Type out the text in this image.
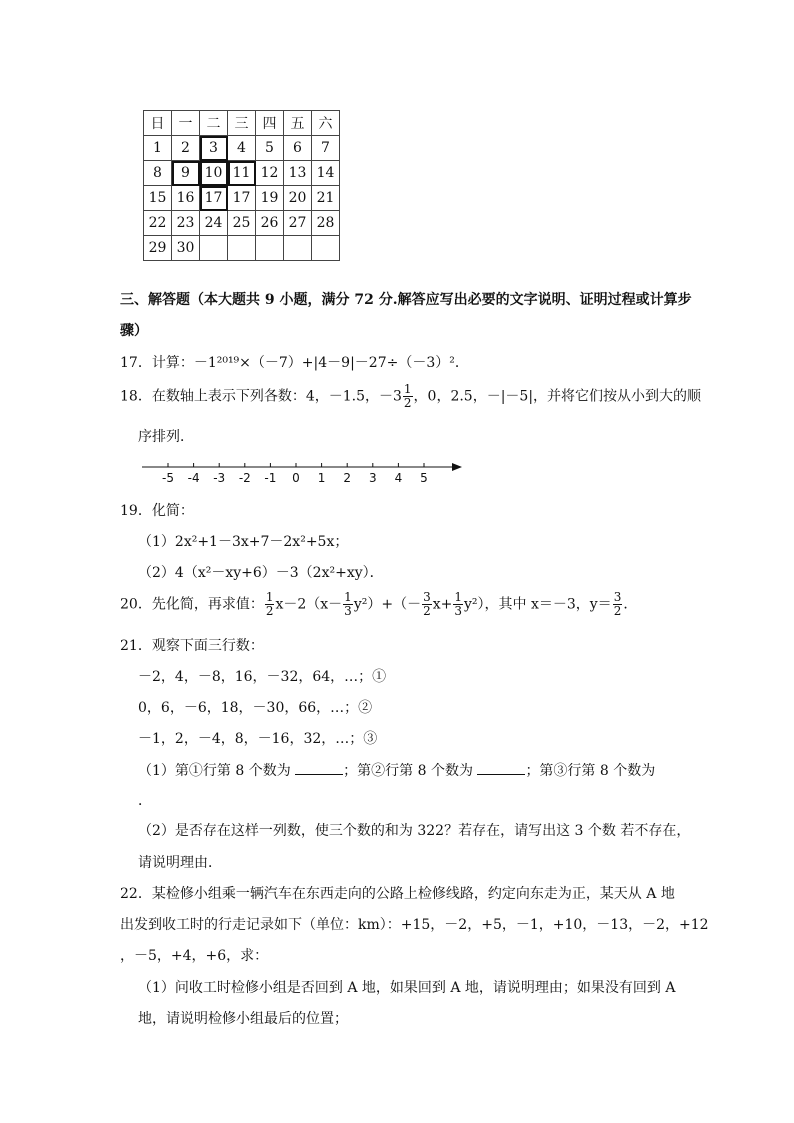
日	一	二	三	四	五	六
1	2	3	4	5	6	7
8	9	10	11	12	13	14
15	16	17	17	19	20	21
22	23	24	25	26	27	28
29	30					
三、解答题（本大题共 9 小题，满分 72 分.解答应写出必要的文字说明、证明过程或计算步
骤）
17．计算：－1²⁰¹⁹×（－7）+|4－9|－27÷（－3）²．
18．在数轴上表示下列各数：4，－1.5，$-3 \frac{1}{2}$ ，0，2.5，－|－5|，并将它们按从小到大的顺
序排列．
-5 -4 -3 -2 -1 0 1 2 3 4 5
19．化简：
（1）2x²+1－3x+7－2x²+5x；
（2）4（x²－xy+6）－3（2x²+xy）．
20．先化简，再求值： $\frac{1}{2} x-2(x- \frac{1}{3} y^2)+(- \frac{3}{2} x+ \frac{1}{3} y^2)$，其中 x＝－3，$y= \frac{3}{2}$ ．
21．观察下面三行数：
－2，4，－8，16，－32，64，…；①
0，6，－6，18，－30，66，…；②
－1，2，－4，8，－16，32，…；③
（1）第①行第 8 个数为	；第②行第 8 个数为	；第③行第 8 个数为
．
（2）是否存在这样一列数，使三个数的和为 322？若存在，请写出这 3 个数 若不存在，
请说明理由．
22．某检修小组乘一辆汽车在东西走向的公路上检修线路，约定向东走为正，某天从 A 地
出发到收工时的行走记录如下（单位：km）：+15，－2，+5，－1，+10，－13，－2，+12
，－5，+4，+6，求：
（1）问收工时检修小组是否回到 A 地，如果回到 A 地，请说明理由；如果没有回到 A
地，请说明检修小组最后的位置；
